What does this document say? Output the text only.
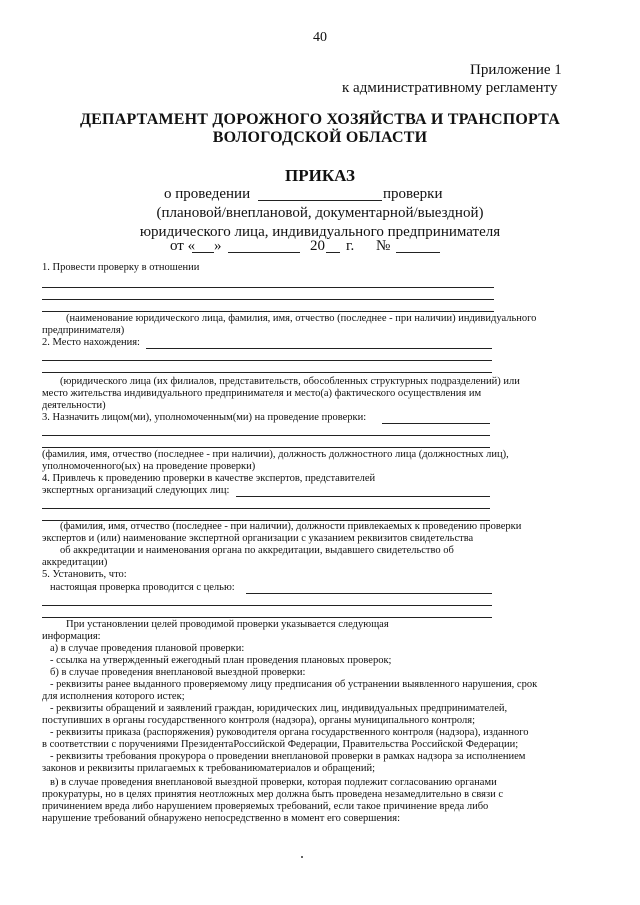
40
Приложение 1
к административному регламенту
ДЕПАРТАМЕНТ ДОРОЖНОГО ХОЗЯЙСТВА И ТРАНСПОРТА
ВОЛОГОДСКОЙ ОБЛАСТИ
ПРИКАЗ
о проведении	проверки
(плановой/внеплановой, документарной/выездной)
юридического лица, индивидуального предпринимателя
от « »	20 г. №
1. Провести проверку в отношении
(наименование юридического лица, фамилия, имя, отчество (последнее - при наличии) индивидуального
предпринимателя)
2. Место нахождения:
(юридического лица (их филиалов, представительств, обособленных структурных подразделений) или
место жительства индивидуального предпринимателя и место(а) фактического осуществления им
деятельности)
3. Назначить лицом(ми), уполномоченным(ми) на проведение проверки:
(фамилия, имя, отчество (последнее - при наличии), должность должностного лица (должностных лиц),
уполномоченного(ых) на проведение проверки)
4. Привлечь к проведению проверки в качестве экспертов, представителей
экспертных организаций следующих лиц:
(фамилия, имя, отчество (последнее - при наличии), должности привлекаемых к проведению проверки
экспертов и (или) наименование экспертной организации с указанием реквизитов свидетельства
об аккредитации и наименования органа по аккредитации, выдавшего свидетельство об
аккредитации)
5. Установить, что:
настоящая проверка проводится с целью:
При установлении целей проводимой проверки указывается следующая
информация:
а) в случае проведения плановой проверки:
- ссылка на утвержденный ежегодный план проведения плановых проверок;
б) в случае проведения внеплановой выездной проверки:
- реквизиты ранее выданного проверяемому лицу предписания об устранении выявленного нарушения, срок
для исполнения которого истек;
- реквизиты обращений и заявлений граждан, юридических лиц, индивидуальных предпринимателей,
поступивших в органы государственного контроля (надзора), органы муниципального контроля;
- реквизиты приказа (распоряжения) руководителя органа государственного контроля (надзора), изданного
в соответствии с поручениями ПрезидентаРоссийской Федерации, Правительства Российской Федерации;
- реквизиты требования прокурора о проведении внеплановой проверки в рамках надзора за исполнением
законов и реквизиты прилагаемых к требованиюматериалов и обращений;
в) в случае проведения внеплановой выездной проверки, которая подлежит согласованию органами
прокуратуры, но в целях принятия неотложных мер должна быть проведена незамедлительно в связи с
причинением вреда либо нарушением проверяемых требований, если такое причинение вреда либо
нарушение требований обнаружено непосредственно в момент его совершения:
